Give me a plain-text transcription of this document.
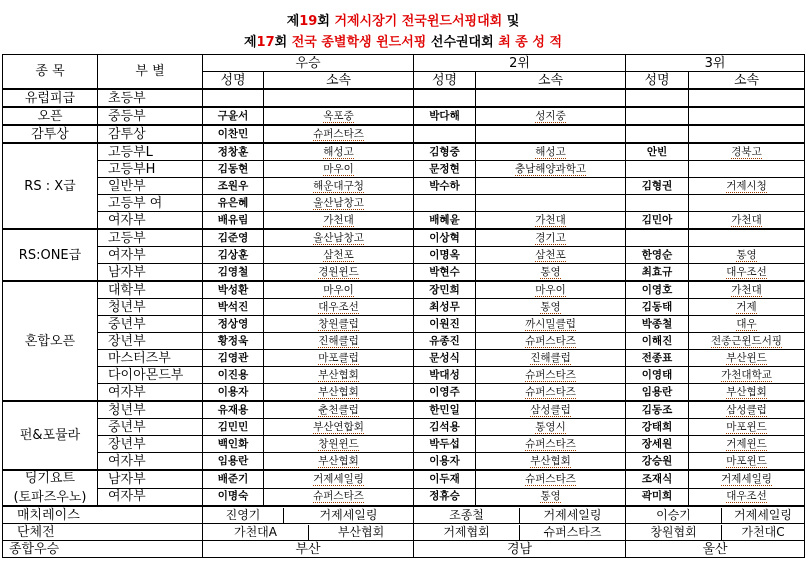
제19회 거제시장기 전국윈드서핑대회 및
제17회 전국 종별학생 윈드서핑 선수권대회 최 종 성 적
종 목	부 별	우승		2위		3위	
		성명	소속	성명	소속	성명	소속

유럽피급	초등부						

오픈	중등부	구윤서	옥포중	박다해	성지중		

감투상	감투상	이찬민	슈퍼스타즈				

RS : X급	고등부L	정창훈	해성고	김형중	해성고	안빈	경북고
	고등부H	김동현	마우이	문정현	충남해양과학고		
	일반부	조원우	해운대구청	박수하		김형권	거제시청
	고등부 여	유은혜	울산남창고				
	여자부	배유림	가천대	배혜윤	가천대	김민아	가천대

RS:ONE급	고등부	김준영	울산남창고	이상혁	경기고		
	여자부	김상훈	삼천포	이명옥	삼천포	한영순	통영
	남자부	김영철	경원윈드	박현수	통영	최효규	대우조선

혼합오픈	대학부	박성환	마우이	장민희	마우이	이영호	가천대
	청년부	박석진	대우조선	최성무	통영	김동태	거제
	중년부	정상영	창원클럽	이원진	까시밀클럽	박종철	대우
	장년부	황정욱	진해클럽	유종진	슈퍼스타즈	이해진	전종근윈드서핑
	마스터즈부	김영관	마포클럽	문성식	진해클럽	전종표	부산윈드
	다이아몬드부	이진용	부산협회	박대성	슈퍼스타즈	이영태	가천대학교
	여자부	이용자	부산협회	이영주	슈퍼스타즈	임용란	부산협회

펀&포뮬라	청년부	유재용	춘천클럽	한민일	삼성클럽	김동조	삼성클럽
	중년부	김민민	부산연합회	김석용	통영시	강태희	마포윈드
	장년부	백인화	창원윈드	박두섭	슈퍼스타즈	장세원	거제윈드
	여자부	임용란	부산협회	이용자	부산협회	강승원	마포윈드

딩기요트
(토파즈우노)	남자부	배준기	거제세일링	이두재	슈퍼스타즈	조재식	거제세일링
	여자부	이명숙	슈퍼스타즈	정휴승	통영	곽미희	대우조선
매치레이스		진영기 거제세일링		조종철 거제세일링		이승기 거제세일링	

단체전		가천대A 부산협회		거제협회 슈퍼스타즈		창원협회 가천대C	

종합우승		부산		경남		울산	
